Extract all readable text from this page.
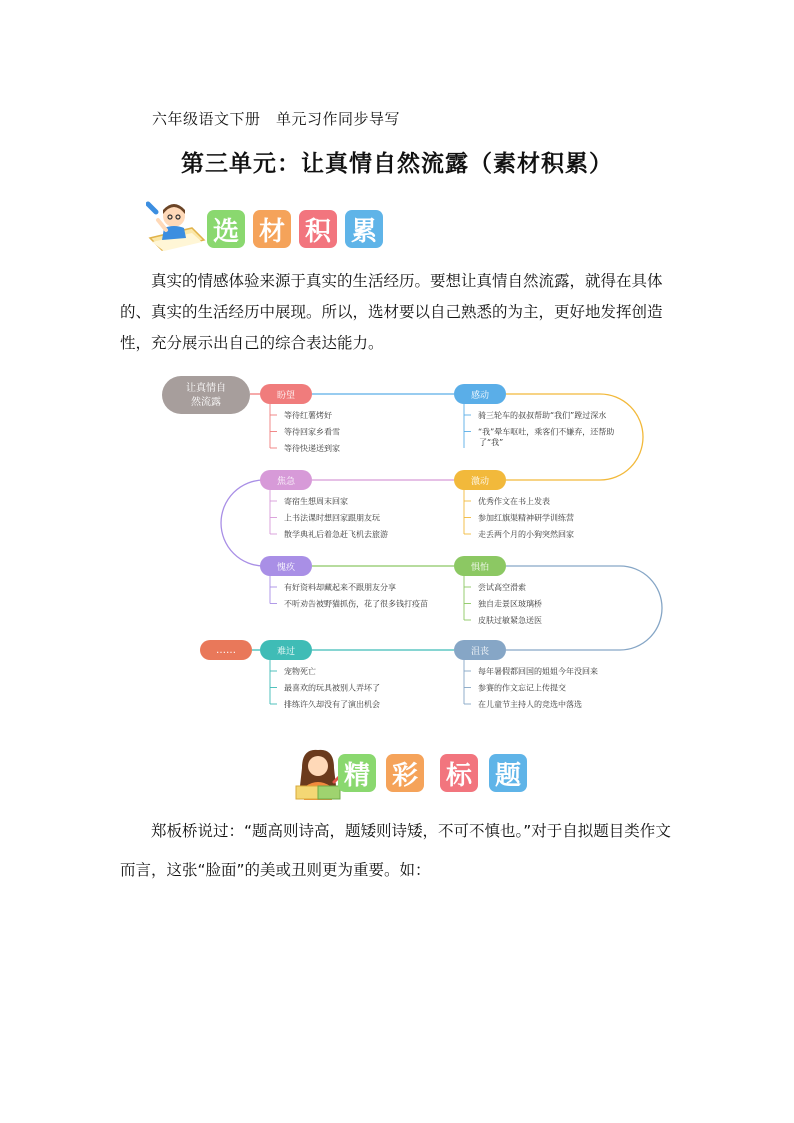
六年级语文下册　单元习作同步导写
第三单元：让真情自然流露（素材积累）
选 材 积 累

真实的情感体验来源于真实的生活经历。要想让真情自然流露，就得在具体的、真实的生活经历中展现。所以，选材要以自己熟悉的为主，更好地发挥创造性，充分展示出自己的综合表达能力。

让真情自
然流露
盼望
等待红薯烤好
等待回家乡看雪
等待快递送到家
感动
骑三轮车的叔叔帮助“我们”蹚过深水
“我”晕车呕吐，乘客们不嫌弃，还帮助
了“我”
焦急
寄宿生想周末回家
上书法课时想回家跟朋友玩
散学典礼后着急赶飞机去旅游
激动
优秀作文在书上发表
参加红旗渠精神研学训练营
走丢两个月的小狗突然回家
愧疚
有好资料却藏起来不跟朋友分享
不听劝告被野猫抓伤，花了很多钱打疫苗
惧怕
尝试高空滑索
独自走景区玻璃桥
皮肤过敏紧急送医
难过
宠物死亡
最喜欢的玩具被别人弄坏了
排练许久却没有了演出机会
沮丧
每年暑假都回国的姐姐今年没回来
参赛的作文忘记上传提交
在儿童节主持人的竞选中落选
……
精 彩 标 题

郑板桥说过：“题高则诗高，题矮则诗矮，不可不慎也。”对于自拟题目类作文而言，这张“脸面”的美或丑则更为重要。如：
